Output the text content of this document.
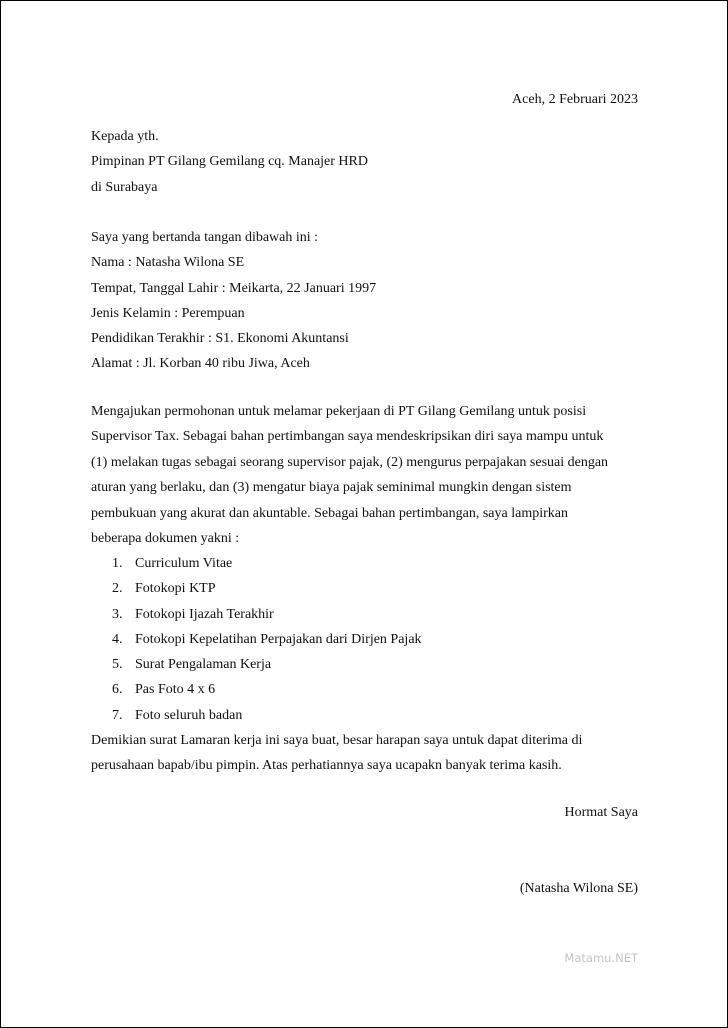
Aceh, 2 Februari 2023
Kepada yth.
Pimpinan PT Gilang Gemilang cq. Manajer HRD
di Surabaya
Saya yang bertanda tangan dibawah ini :
Nama : Natasha Wilona SE
Tempat, Tanggal Lahir : Meikarta, 22 Januari 1997
Jenis Kelamin : Perempuan
Pendidikan Terakhir : S1. Ekonomi Akuntansi
Alamat : Jl. Korban 40 ribu Jiwa, Aceh
Mengajukan permohonan untuk melamar pekerjaan di PT Gilang Gemilang untuk posisi
Supervisor Tax. Sebagai bahan pertimbangan saya mendeskripsikan diri saya mampu untuk
(1) melakan tugas sebagai seorang supervisor pajak, (2) mengurus perpajakan sesuai dengan
aturan yang berlaku, dan (3) mengatur biaya pajak seminimal mungkin dengan sistem
pembukuan yang akurat dan akuntable. Sebagai bahan pertimbangan, saya lampirkan
beberapa dokumen yakni :
1. Curriculum Vitae
2. Fotokopi KTP
3. Fotokopi Ijazah Terakhir
4. Fotokopi Kepelatihan Perpajakan dari Dirjen Pajak
5. Surat Pengalaman Kerja
6. Pas Foto 4 x 6
7. Foto seluruh badan
Demikian surat Lamaran kerja ini saya buat, besar harapan saya untuk dapat diterima di
perusahaan bapab/ibu pimpin. Atas perhatiannya saya ucapakn banyak terima kasih.
Hormat Saya
(Natasha Wilona SE)
Matamu.NET
